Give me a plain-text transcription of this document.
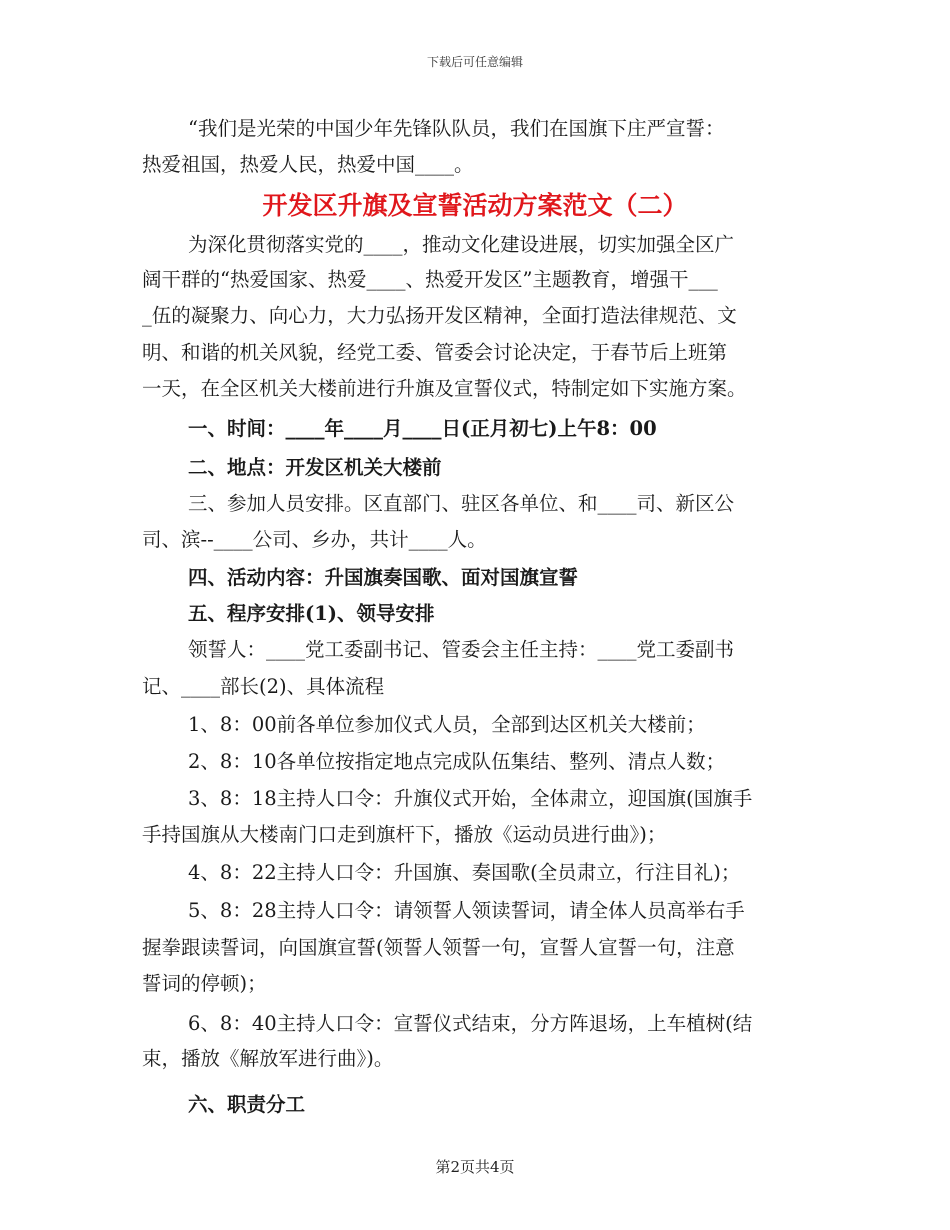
下载后可任意编辑
“我们是光荣的中国少年先锋队队员，我们在国旗下庄严宣誓：
热爱祖国，热爱人民，热爱中国____。
开发区升旗及宣誓活动方案范文（二）
为深化贯彻落实党的____，推动文化建设进展，切实加强全区广
阔干群的“热爱国家、热爱____、热爱开发区”主题教育，增强干___
_伍的凝聚力、向心力，大力弘扬开发区精神，全面打造法律规范、文
明、和谐的机关风貌，经党工委、管委会讨论决定，于春节后上班第
一天，在全区机关大楼前进行升旗及宣誓仪式，特制定如下实施方案。
一、时间：____年____月____日(正月初七)上午8：00
二、地点：开发区机关大楼前
三、参加人员安排。区直部门、驻区各单位、和____司、新区公
司、滨--____公司、乡办，共计____人。
四、活动内容：升国旗奏国歌、面对国旗宣誓
五、程序安排(1)、领导安排
领誓人：____党工委副书记、管委会主任主持：____党工委副书
记、____部长(2)、具体流程
1、8：00前各单位参加仪式人员，全部到达区机关大楼前；
2、8：10各单位按指定地点完成队伍集结、整列、清点人数；
3、8：18主持人口令：升旗仪式开始，全体肃立，迎国旗(国旗手
手持国旗从大楼南门口走到旗杆下，播放《运动员进行曲》)；
4、8：22主持人口令：升国旗、奏国歌(全员肃立，行注目礼)；
5、8：28主持人口令：请领誓人领读誓词，请全体人员高举右手
握拳跟读誓词，向国旗宣誓(领誓人领誓一句，宣誓人宣誓一句，注意
誓词的停顿)；
6、8：40主持人口令：宣誓仪式结束，分方阵退场，上车植树(结
束，播放《解放军进行曲》)。
六、职责分工
第2页共4页
